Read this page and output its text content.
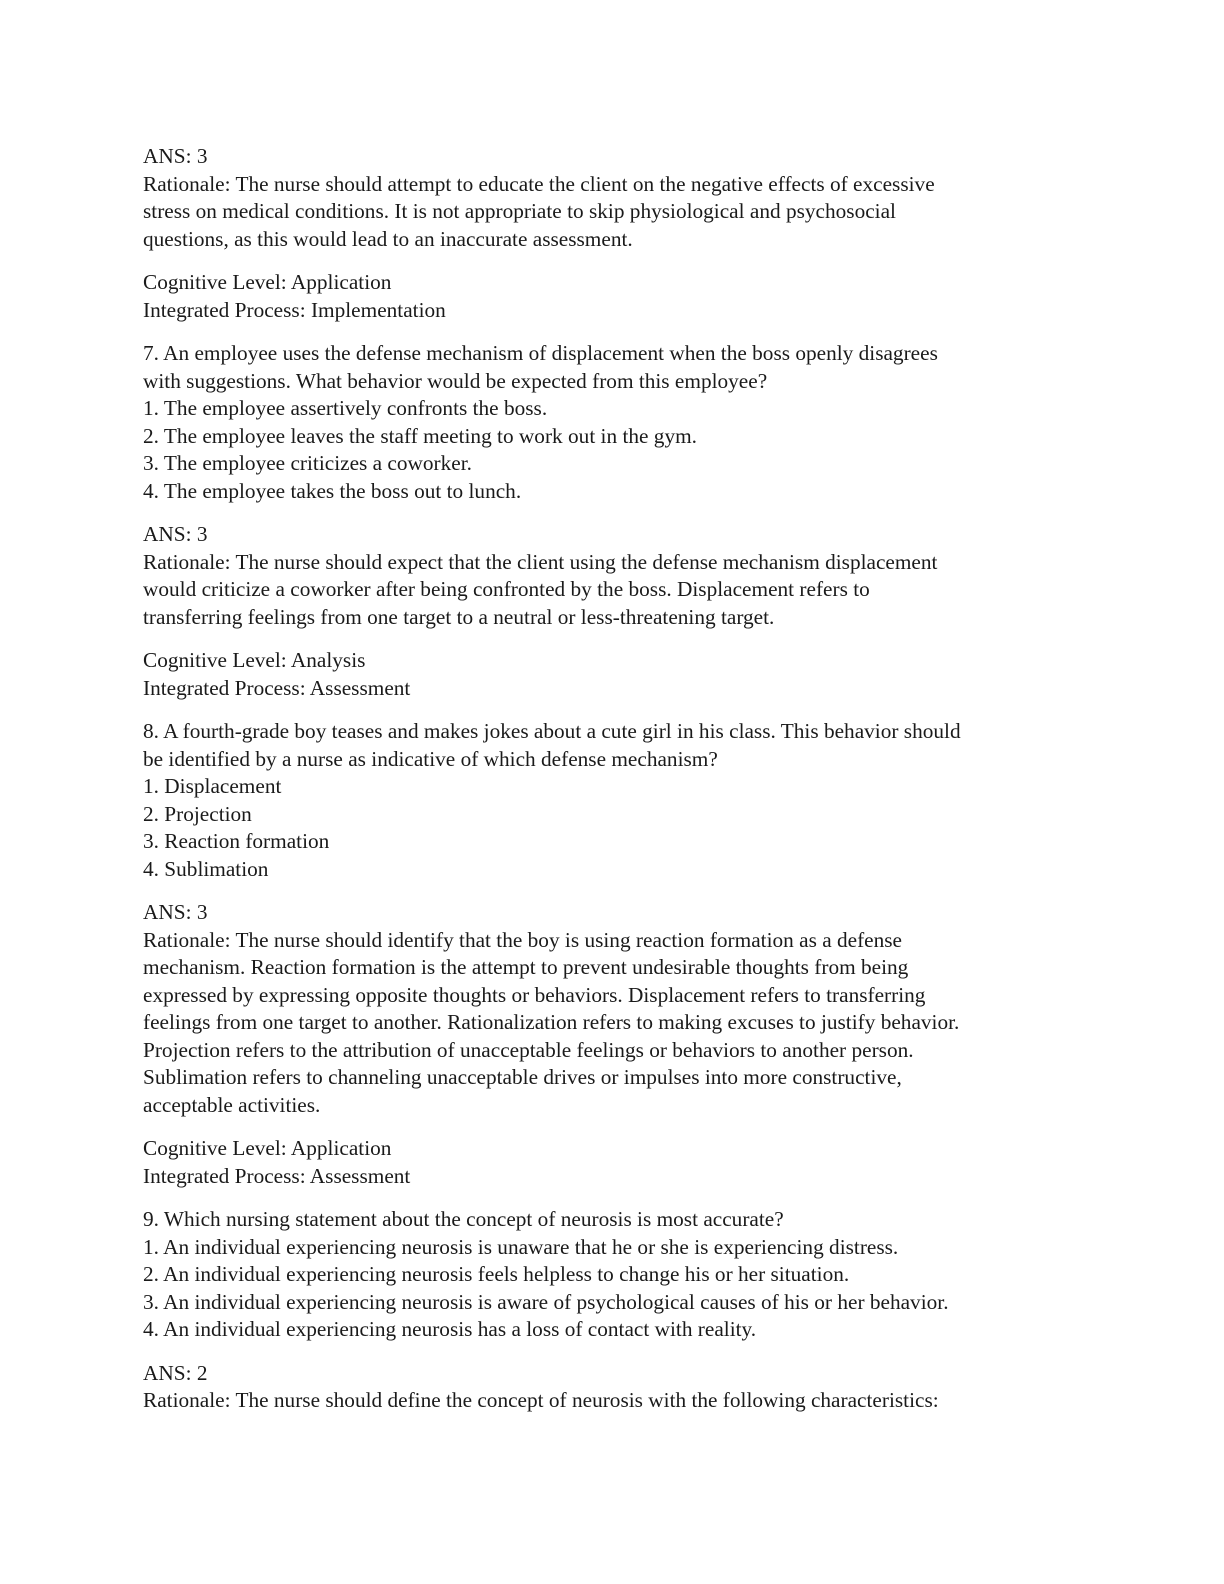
ANS: 3
Rationale: The nurse should attempt to educate the client on the negative effects of excessive
stress on medical conditions. It is not appropriate to skip physiological and psychosocial
questions, as this would lead to an inaccurate assessment.
Cognitive Level: Application
Integrated Process: Implementation
7. An employee uses the defense mechanism of displacement when the boss openly disagrees
with suggestions. What behavior would be expected from this employee?
1. The employee assertively confronts the boss.
2. The employee leaves the staff meeting to work out in the gym.
3. The employee criticizes a coworker.
4. The employee takes the boss out to lunch.
ANS: 3
Rationale: The nurse should expect that the client using the defense mechanism displacement
would criticize a coworker after being confronted by the boss. Displacement refers to
transferring feelings from one target to a neutral or less-threatening target.
Cognitive Level: Analysis
Integrated Process: Assessment
8. A fourth-grade boy teases and makes jokes about a cute girl in his class. This behavior should
be identified by a nurse as indicative of which defense mechanism?
1. Displacement
2. Projection
3. Reaction formation
4. Sublimation
ANS: 3
Rationale: The nurse should identify that the boy is using reaction formation as a defense
mechanism. Reaction formation is the attempt to prevent undesirable thoughts from being
expressed by expressing opposite thoughts or behaviors. Displacement refers to transferring
feelings from one target to another. Rationalization refers to making excuses to justify behavior.
Projection refers to the attribution of unacceptable feelings or behaviors to another person.
Sublimation refers to channeling unacceptable drives or impulses into more constructive,
acceptable activities.
Cognitive Level: Application
Integrated Process: Assessment
9. Which nursing statement about the concept of neurosis is most accurate?
1. An individual experiencing neurosis is unaware that he or she is experiencing distress.
2. An individual experiencing neurosis feels helpless to change his or her situation.
3. An individual experiencing neurosis is aware of psychological causes of his or her behavior.
4. An individual experiencing neurosis has a loss of contact with reality.
ANS: 2
Rationale: The nurse should define the concept of neurosis with the following characteristics:
